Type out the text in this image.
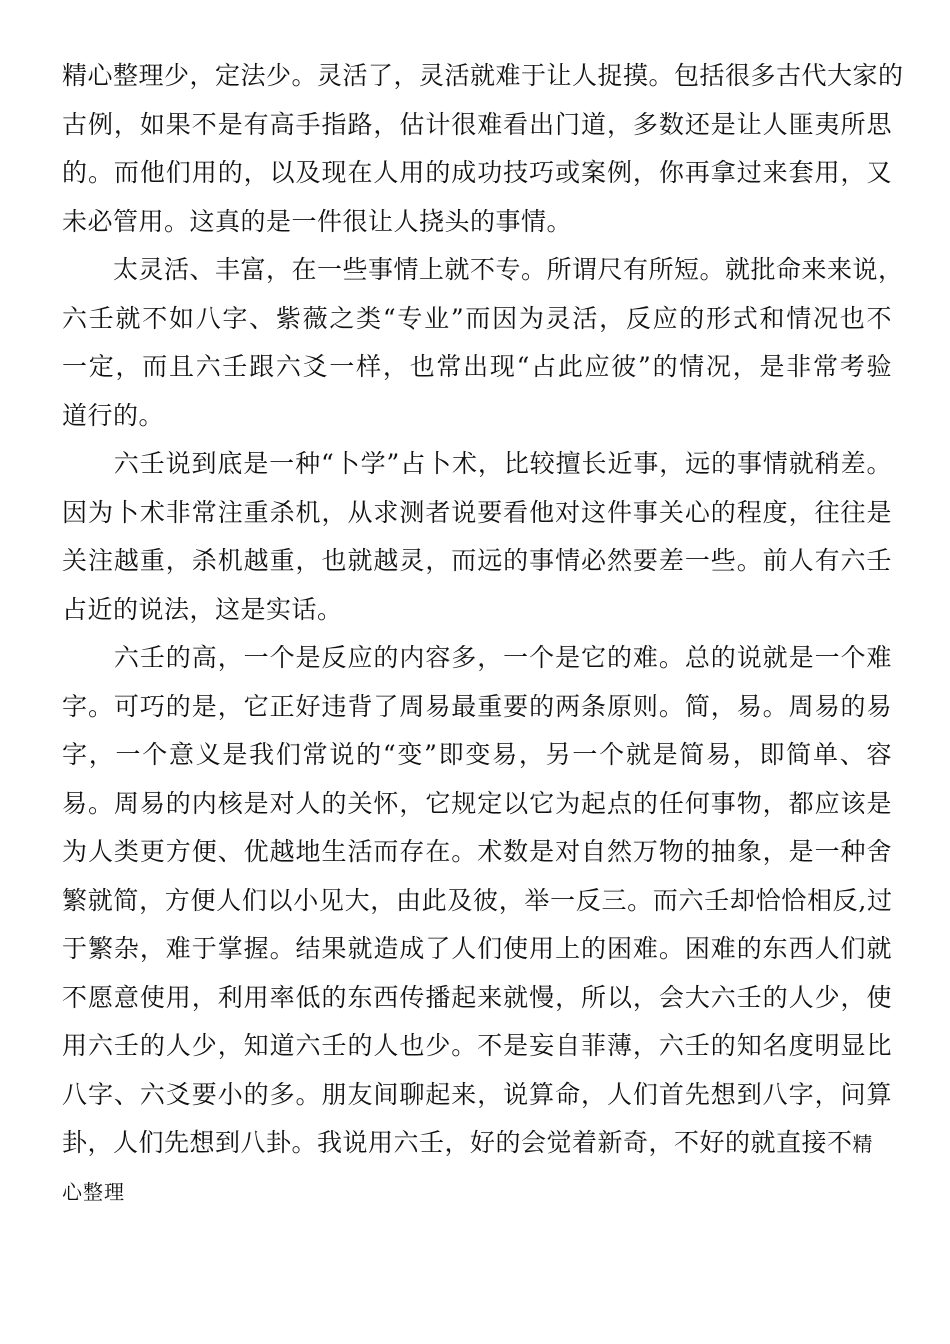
精心整理少，定法少。灵活了，灵活就难于让人捉摸。包括很多古代大家的
古例，如果不是有高手指路，估计很难看出门道，多数还是让人匪夷所思
的。而他们用的，以及现在人用的成功技巧或案例，你再拿过来套用，又
未必管用。这真的是一件很让人挠头的事情。
　　太灵活、丰富，在一些事情上就不专。所谓尺有所短。就批命来来说，
六壬就不如八字、紫薇之类“专业”而因为灵活，反应的形式和情况也不
一定，而且六壬跟六爻一样，也常出现“占此应彼”的情况，是非常考验
道行的。
　　六壬说到底是一种“卜学”占卜术，比较擅长近事，远的事情就稍差。
因为卜术非常注重杀机，从求测者说要看他对这件事关心的程度，往往是
关注越重，杀机越重，也就越灵，而远的事情必然要差一些。前人有六壬
占近的说法，这是实话。
　　六壬的高，一个是反应的内容多，一个是它的难。总的说就是一个难
字。可巧的是，它正好违背了周易最重要的两条原则。简，易。周易的易
字，一个意义是我们常说的“变”即变易，另一个就是简易，即简单、容
易。周易的内核是对人的关怀，它规定以它为起点的任何事物，都应该是
为人类更方便、优越地生活而存在。术数是对自然万物的抽象，是一种舍
繁就简，方便人们以小见大，由此及彼，举一反三。而六壬却恰恰相反,过
于繁杂，难于掌握。结果就造成了人们使用上的困难。困难的东西人们就
不愿意使用，利用率低的东西传播起来就慢，所以，会大六壬的人少，使
用六壬的人少，知道六壬的人也少。不是妄自菲薄，六壬的知名度明显比
八字、六爻要小的多。朋友间聊起来，说算命，人们首先想到八字，问算
卦，人们先想到八卦。我说用六壬，好的会觉着新奇，不好的就直接不精
心整理
